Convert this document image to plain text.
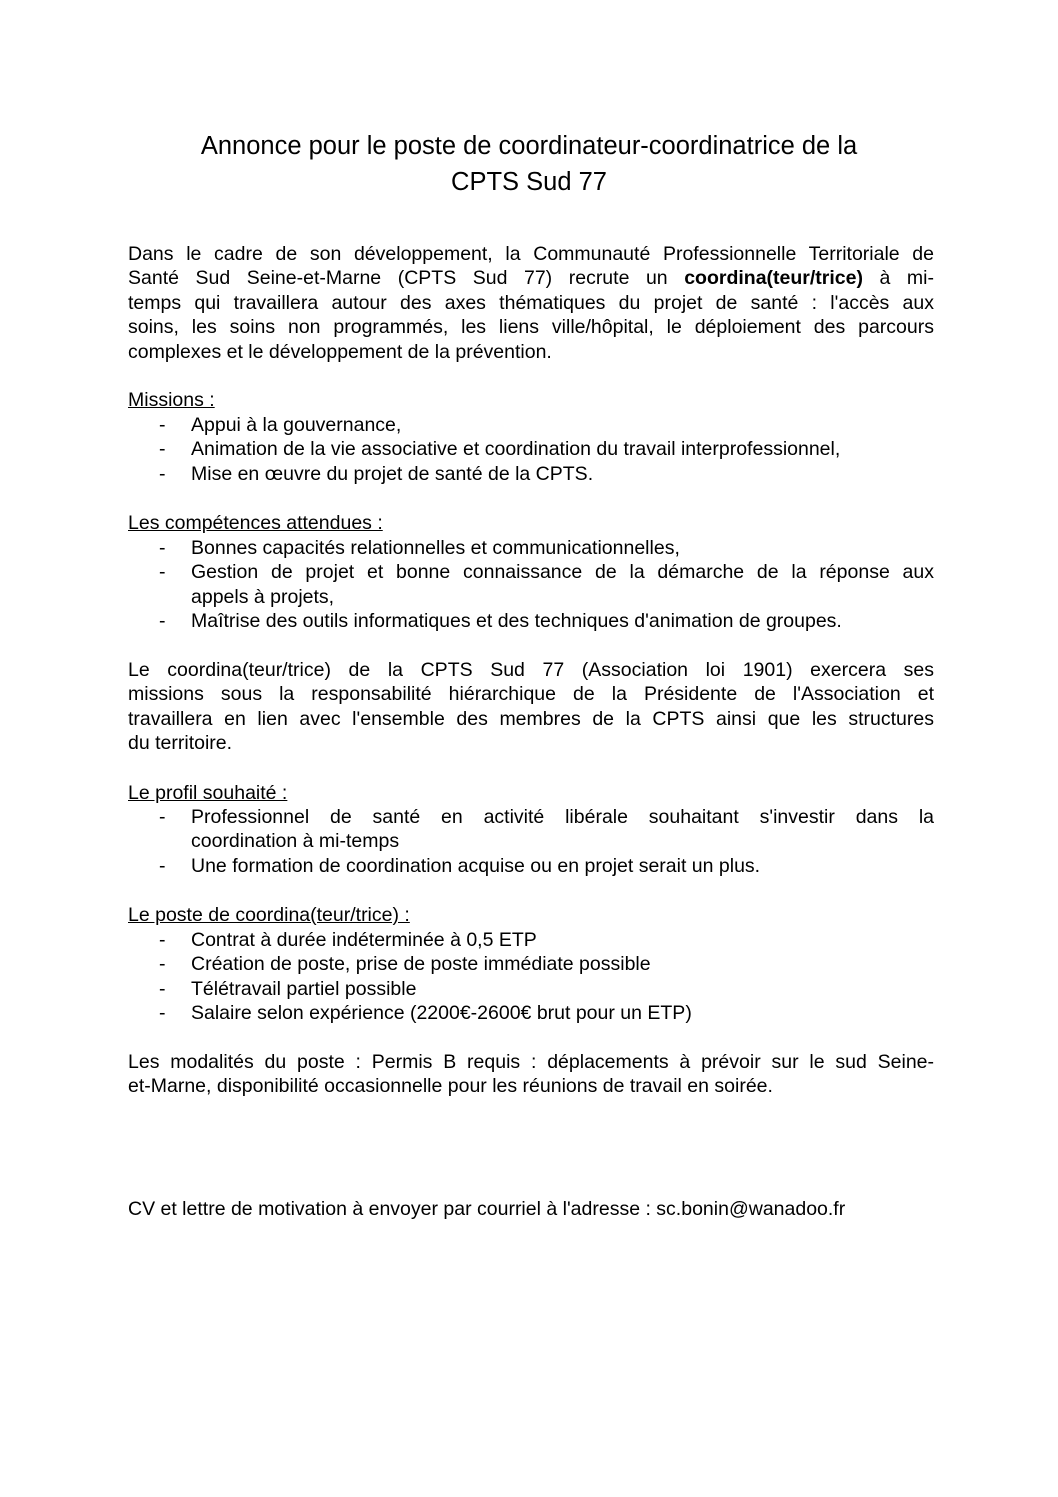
Annonce pour le poste de coordinateur-coordinatrice de la
CPTS Sud 77
Dans le cadre de son développement, la Communauté Professionnelle Territoriale de
Santé Sud Seine-et-Marne (CPTS Sud 77) recrute un coordina(teur/trice) à mi-
temps qui travaillera autour des axes thématiques du projet de santé : l'accès aux
soins, les soins non programmés, les liens ville/hôpital, le déploiement des parcours
complexes et le développement de la prévention.
Missions :
- Appui à la gouvernance,
- Animation de la vie associative et coordination du travail interprofessionnel,
- Mise en œuvre du projet de santé de la CPTS.
Les compétences attendues :
- Bonnes capacités relationnelles et communicationnelles,
- Gestion de projet et bonne connaissance de la démarche de la réponse aux
appels à projets,
- Maîtrise des outils informatiques et des techniques d'animation de groupes.
Le coordina(teur/trice) de la CPTS Sud 77 (Association loi 1901) exercera ses
missions sous la responsabilité hiérarchique de la Présidente de l'Association et
travaillera en lien avec l'ensemble des membres de la CPTS ainsi que les structures
du territoire.
Le profil souhaité :
- Professionnel de santé en activité libérale souhaitant s'investir dans la
coordination à mi-temps
- Une formation de coordination acquise ou en projet serait un plus.
Le poste de coordina(teur/trice) :
- Contrat à durée indéterminée à 0,5 ETP
- Création de poste, prise de poste immédiate possible
- Télétravail partiel possible
- Salaire selon expérience (2200€-2600€ brut pour un ETP)
Les modalités du poste : Permis B requis : déplacements à prévoir sur le sud Seine-
et-Marne, disponibilité occasionnelle pour les réunions de travail en soirée.
CV et lettre de motivation à envoyer par courriel à l'adresse : sc.bonin@wanadoo.fr
